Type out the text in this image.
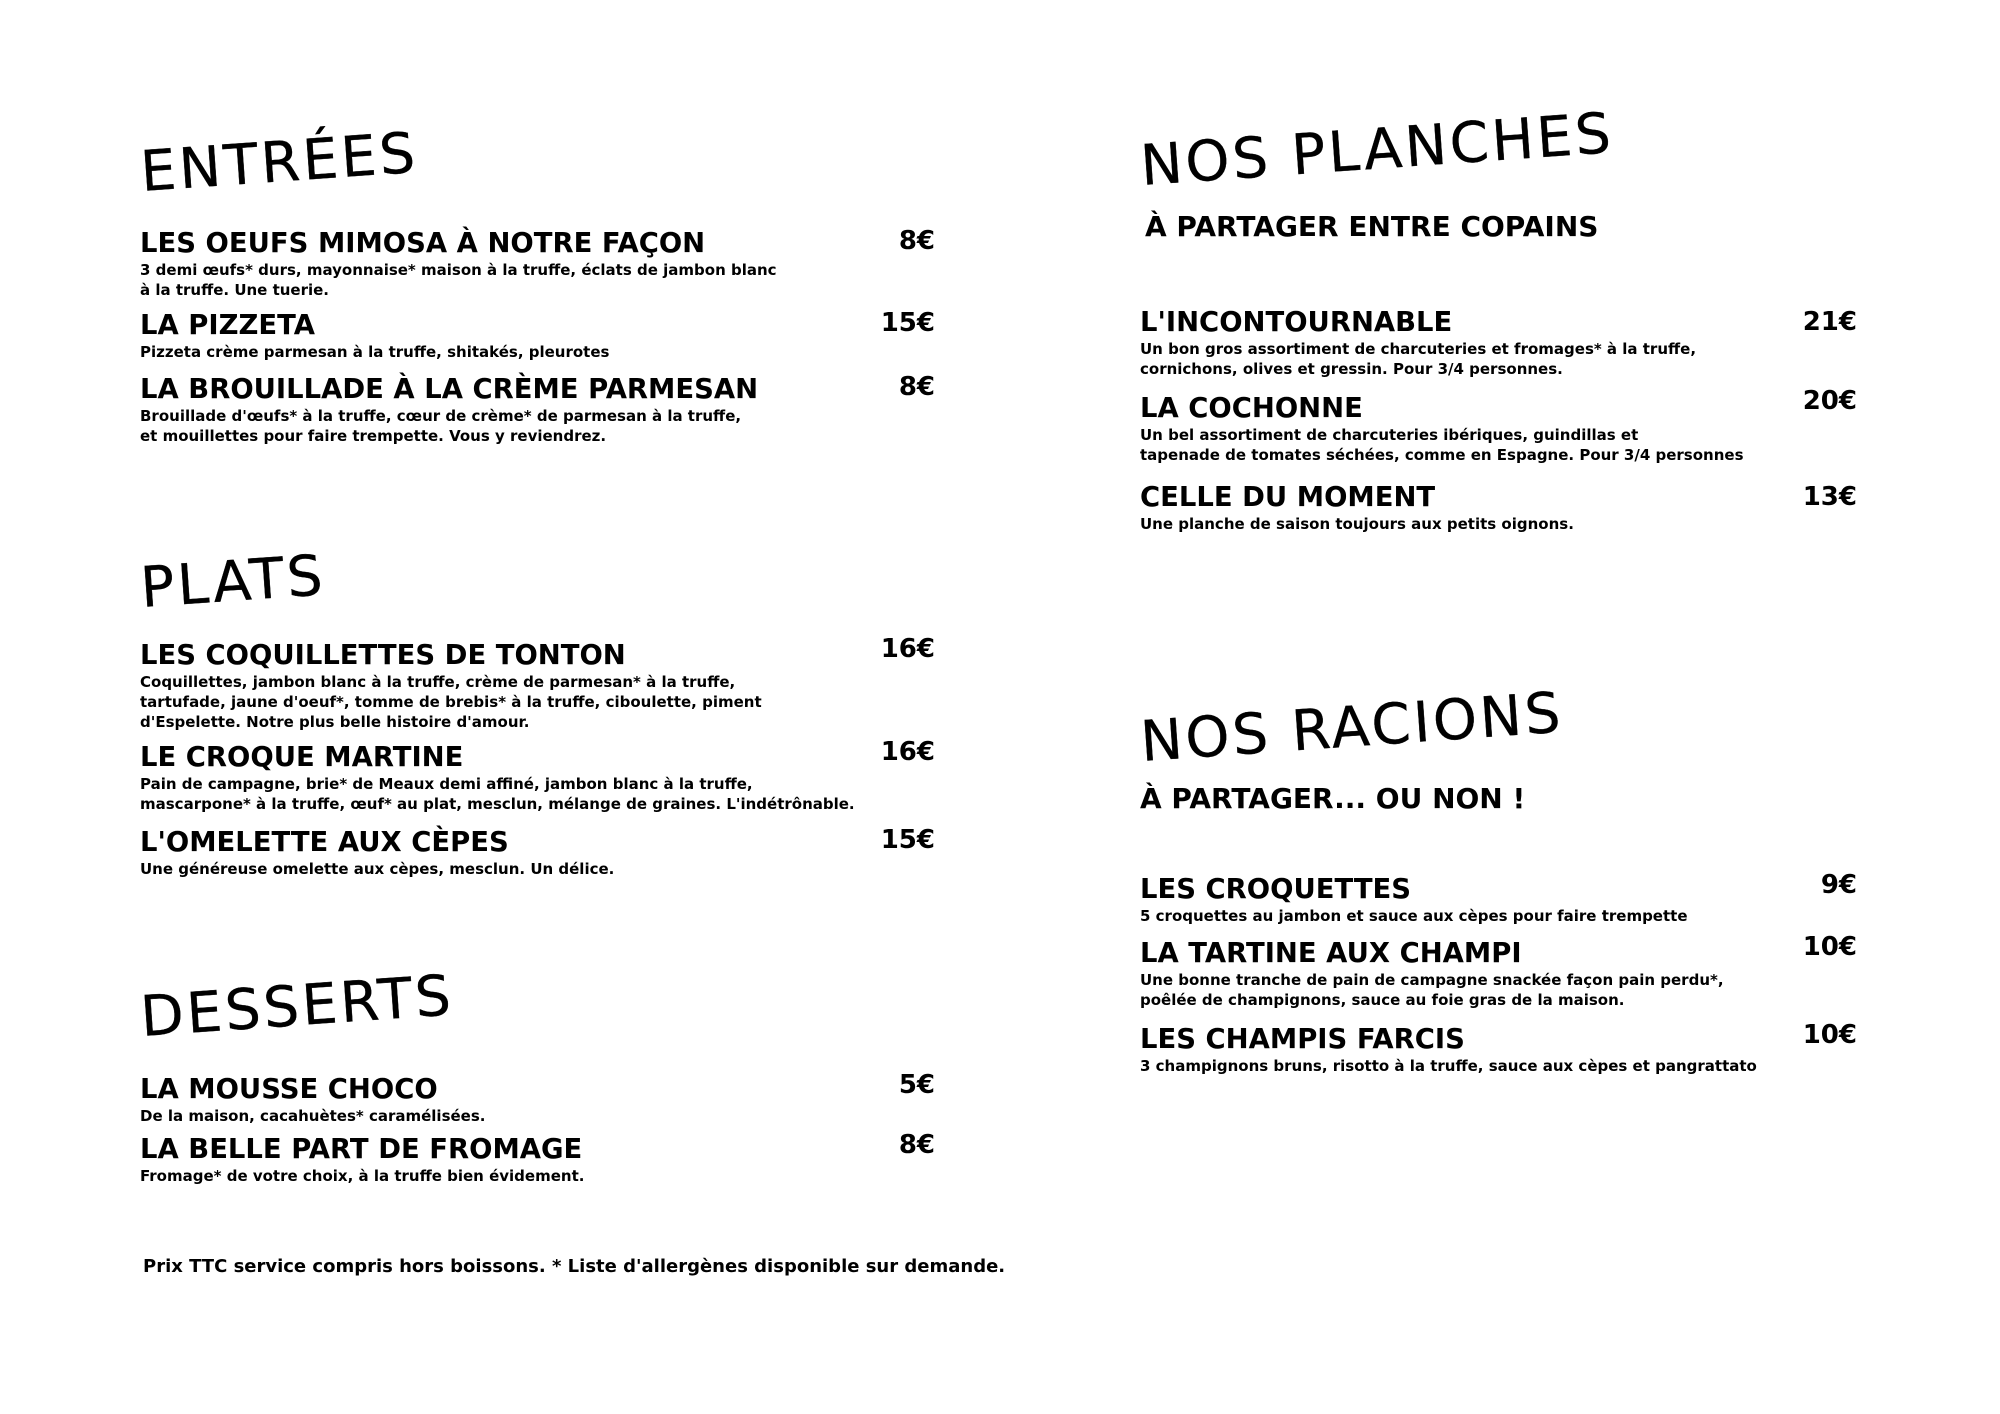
ENTRÉES
LES OEUFS MIMOSA À NOTRE FAÇON
3 demi œufs* durs, mayonnaise* maison à la truffe, éclats de jambon blanc
à la truffe. Une tuerie.
8€
LA PIZZETA
Pizzeta crème parmesan à la truffe, shitakés, pleurotes
15€
LA BROUILLADE À LA CRÈME PARMESAN
Brouillade d'œufs* à la truffe, cœur de crème* de parmesan à la truffe,
et mouillettes pour faire trempette. Vous y reviendrez.
8€
PLATS
LES COQUILLETTES DE TONTON
Coquillettes, jambon blanc à la truffe, crème de parmesan* à la truffe,
tartufade, jaune d'oeuf*, tomme de brebis* à la truffe, ciboulette, piment
d'Espelette. Notre plus belle histoire d'amour.
16€
LE CROQUE MARTINE
Pain de campagne, brie* de Meaux demi affiné, jambon blanc à la truffe,
mascarpone* à la truffe, œuf* au plat, mesclun, mélange de graines. L'indétrônable.
16€
L'OMELETTE AUX CÈPES
Une généreuse omelette aux cèpes, mesclun. Un délice.
15€
DESSERTS
LA MOUSSE CHOCO
De la maison, cacahuètes* caramélisées.
5€
LA BELLE PART DE FROMAGE
Fromage* de votre choix, à la truffe bien évidement.
8€
NOS PLANCHES
À PARTAGER ENTRE COPAINS
L'INCONTOURNABLE
Un bon gros assortiment de charcuteries et fromages* à la truffe,
cornichons, olives et gressin. Pour 3/4 personnes.
21€
LA COCHONNE
Un bel assortiment de charcuteries ibériques, guindillas et
tapenade de tomates séchées, comme en Espagne. Pour 3/4 personnes
20€
CELLE DU MOMENT
Une planche de saison toujours aux petits oignons.
13€
NOS RACIONS
À PARTAGER... OU NON !
LES CROQUETTES
5 croquettes au jambon et sauce aux cèpes pour faire trempette
9€
LA TARTINE AUX CHAMPI
Une bonne tranche de pain de campagne snackée façon pain perdu*,
poêlée de champignons, sauce au foie gras de la maison.
10€
LES CHAMPIS FARCIS
3 champignons bruns, risotto à la truffe, sauce aux cèpes et pangrattato
10€
Prix TTC service compris hors boissons. * Liste d'allergènes disponible sur demande.
